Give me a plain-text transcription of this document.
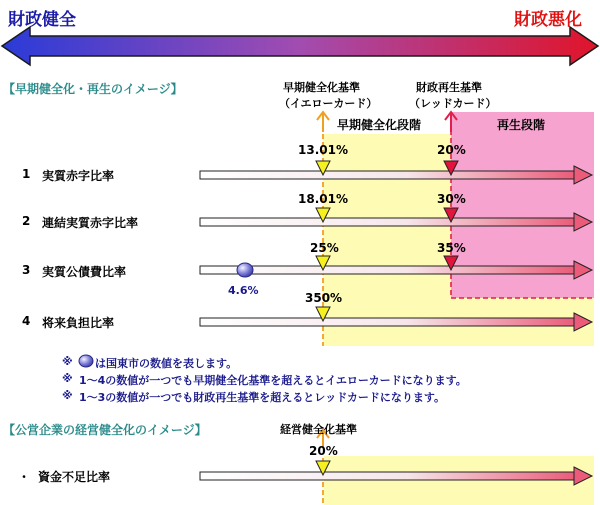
財政健全	財政悪化
【早期健全化・再生のイメージ】	早期健全化基準
（イエローカード）
財政再生基準
（レッドカード）
早期健全化段階	再生段階
1 実質赤字比率
13.01%	20%
2 連結実質赤字比率
18.01%	30%
3 実質公債費比率
25%	35%
4.6%
4 将来負担比率
350%
※ は国東市の数値を表します。
※ 1～4の数値が一つでも早期健全化基準を超えるとイエローカードになります。
※ 1～3の数値が一つでも財政再生基準を超えるとレッドカードになります。
【公営企業の経営健全化のイメージ】	経営健全化基準
20%
・ 資金不足比率
